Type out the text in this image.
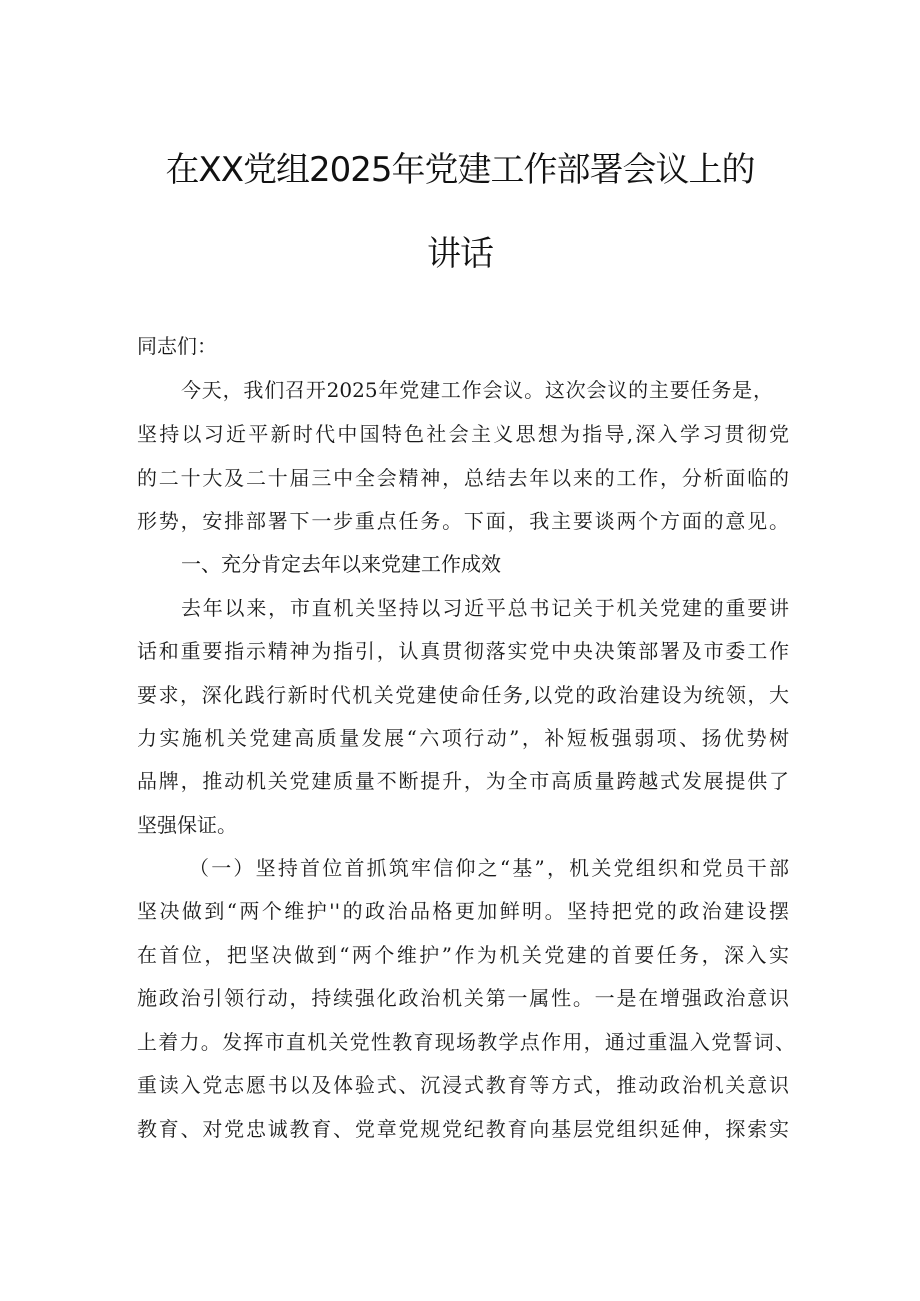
在XX党组2025年党建工作部署会议上的
讲话
同志们：
今天，我们召开2025年党建工作会议。这次会议的主要任务是，
坚持以习近平新时代中国特色社会主义思想为指导,深入学习贯彻党
的二十大及二十届三中全会精神，总结去年以来的工作，分析面临的
形势，安排部署下一步重点任务。下面，我主要谈两个方面的意见。
一、充分肯定去年以来党建工作成效
去年以来，市直机关坚持以习近平总书记关于机关党建的重要讲
话和重要指示精神为指引，认真贯彻落实党中央决策部署及市委工作
要求，深化践行新时代机关党建使命任务,以党的政治建设为统领，大
力实施机关党建高质量发展“六项行动”，补短板强弱项、扬优势树
品牌，推动机关党建质量不断提升，为全市高质量跨越式发展提供了
坚强保证。
（一）坚持首位首抓筑牢信仰之“基”，机关党组织和党员干部
坚决做到“两个维护''的政治品格更加鲜明。坚持把党的政治建设摆
在首位，把坚决做到“两个维护”作为机关党建的首要任务，深入实
施政治引领行动，持续强化政治机关第一属性。一是在增强政治意识
上着力。发挥市直机关党性教育现场教学点作用，通过重温入党誓词、
重读入党志愿书以及体验式、沉浸式教育等方式，推动政治机关意识
教育、对党忠诚教育、党章党规党纪教育向基层党组织延伸，探索实
